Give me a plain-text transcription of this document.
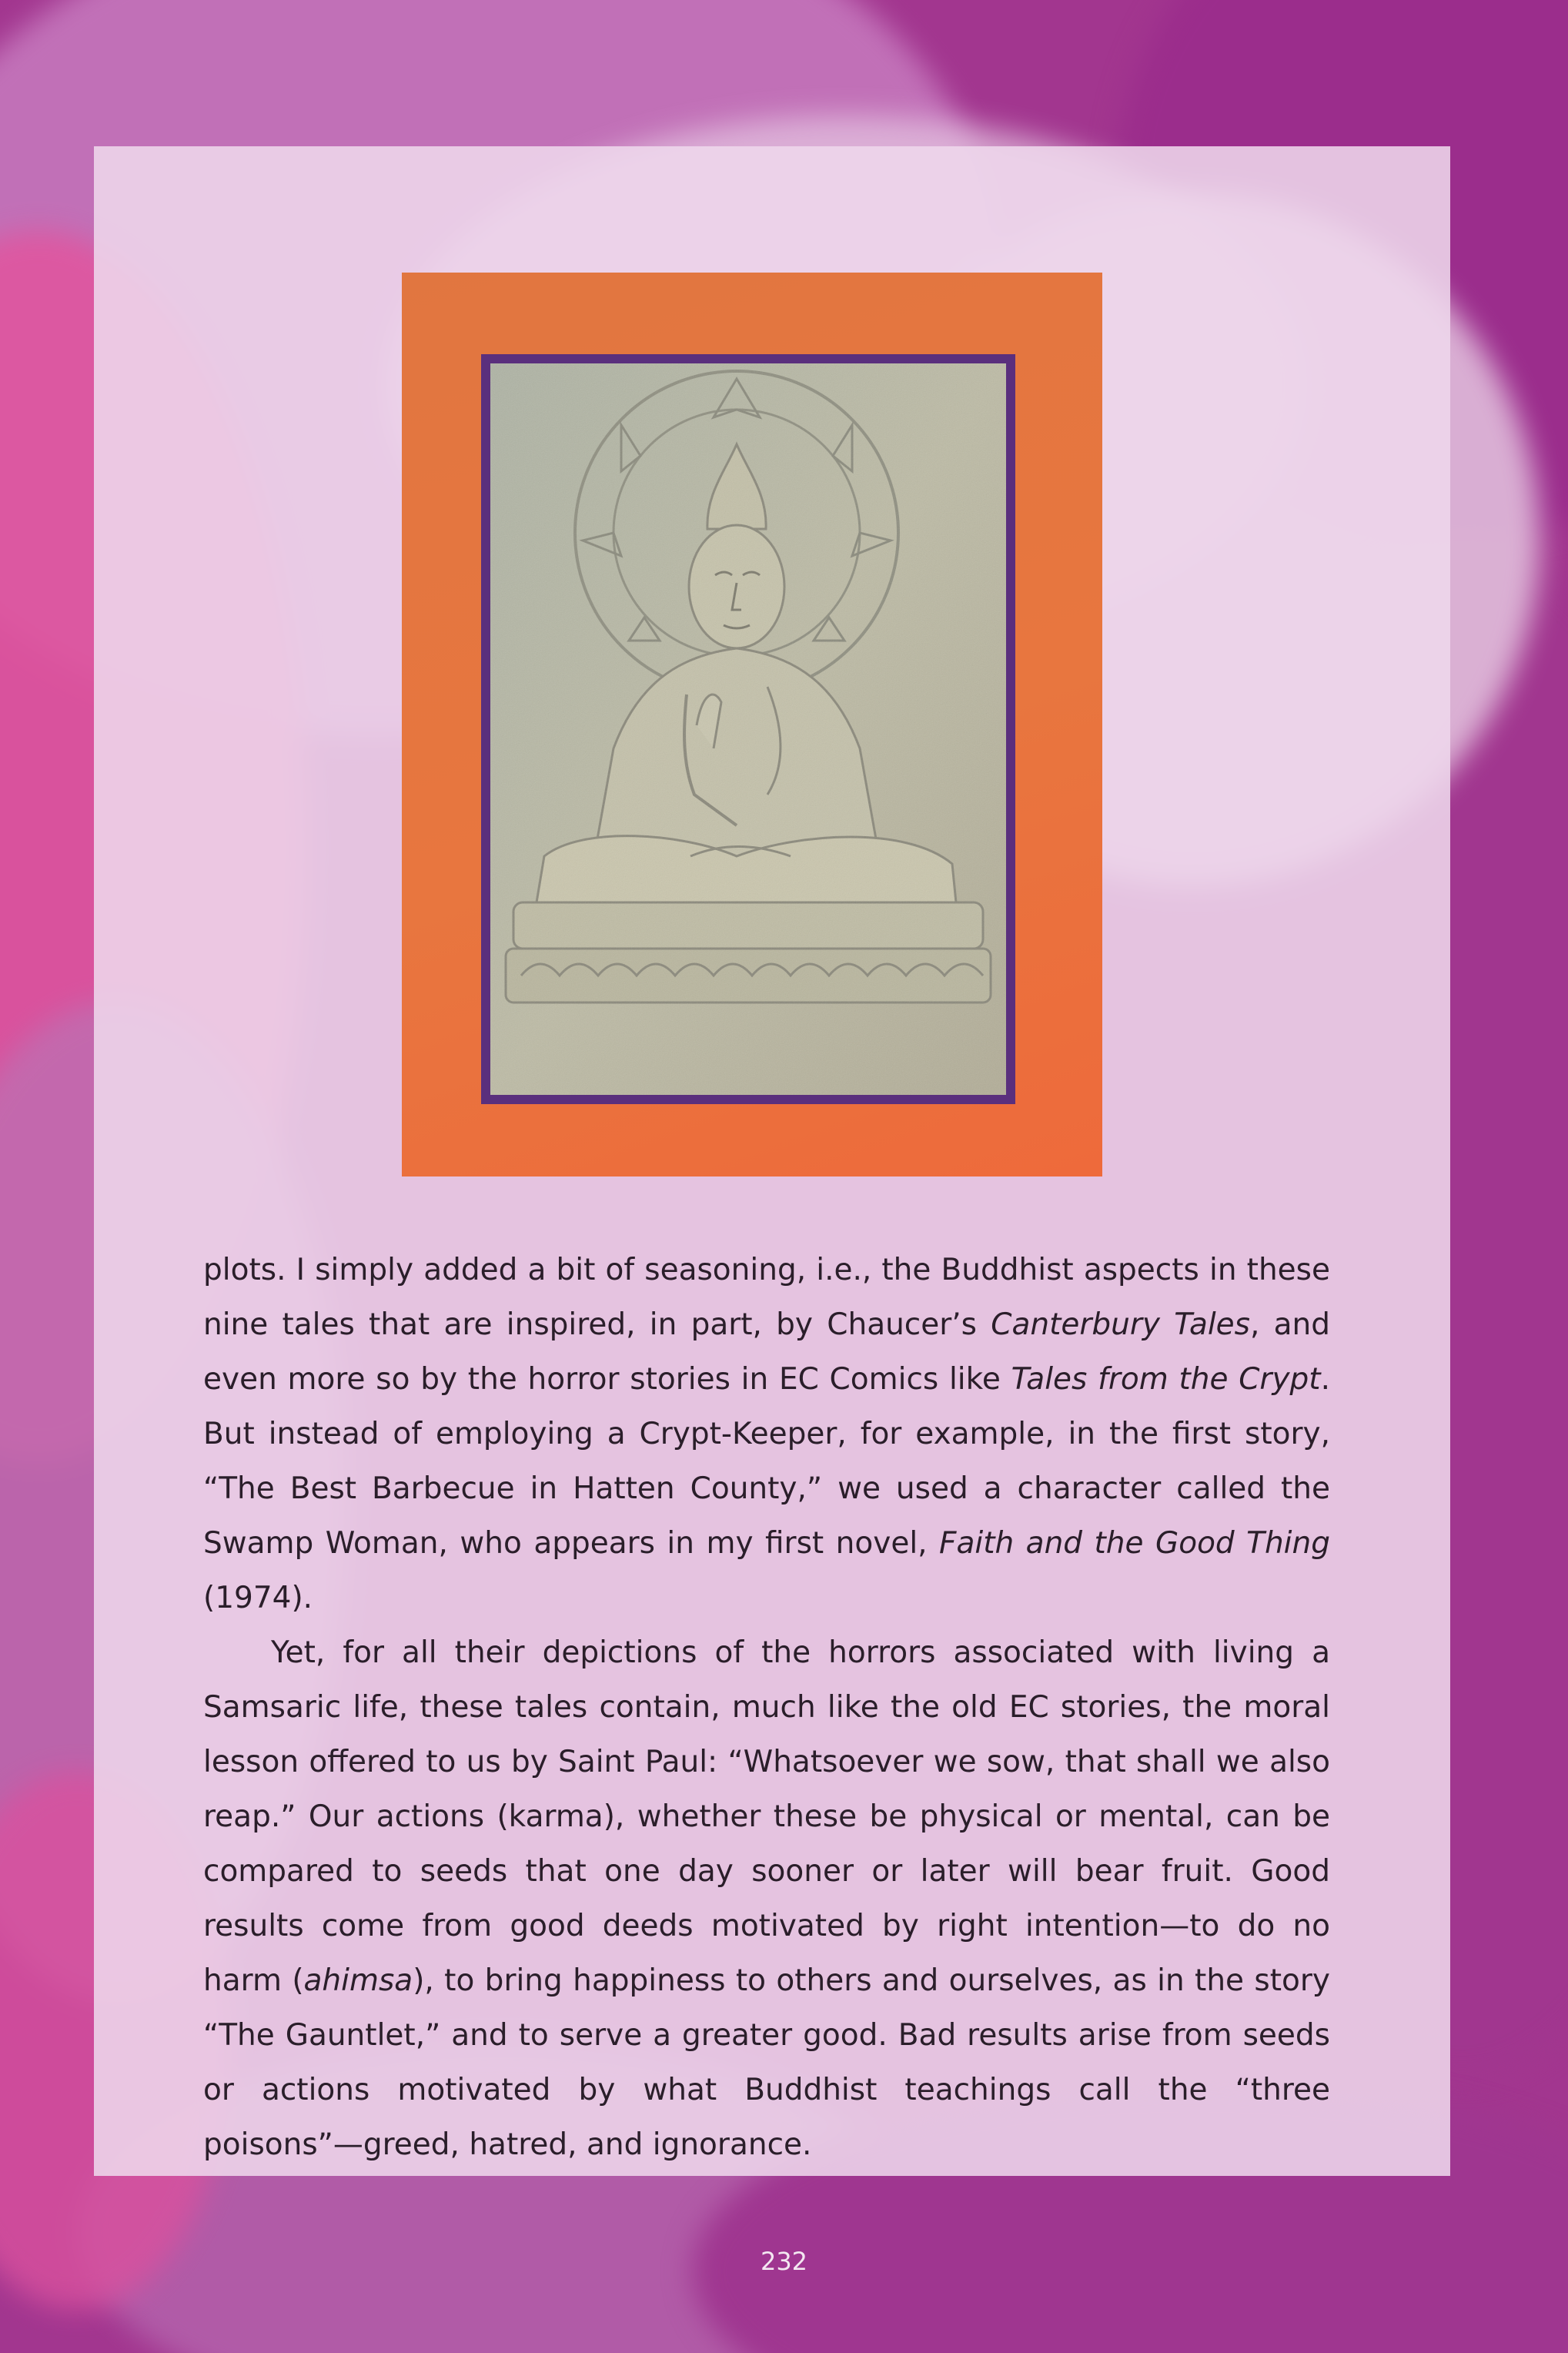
plots. I simply added a bit of seasoning, i.e., the Buddhist aspects in these nine tales that are inspired, in part, by Chaucer’s Canterbury Tales, and even more so by the horror stories in EC Comics like Tales from the Crypt. But instead of employing a Crypt-Keeper, for example, in the first story, “The Best Barbecue in Hatten County,” we used a character called the Swamp Woman, who appears in my first novel, Faith and the Good Thing (1974).

Yet, for all their depictions of the horrors associated with living a Samsaric life, these tales contain, much like the old EC stories, the moral lesson offered to us by Saint Paul: “Whatsoever we sow, that shall we also reap.” Our actions (karma), whether these be physical or mental, can be compared to seeds that one day sooner or later will bear fruit. Good results come from good deeds motivated by right intention—to do no harm (ahimsa), to bring happiness to others and ourselves, as in the story “The Gauntlet,” and to serve a greater good. Bad results arise from seeds or actions motivated by what Buddhist teachings call the “three poisons”—greed, hatred, and ignorance.

232
